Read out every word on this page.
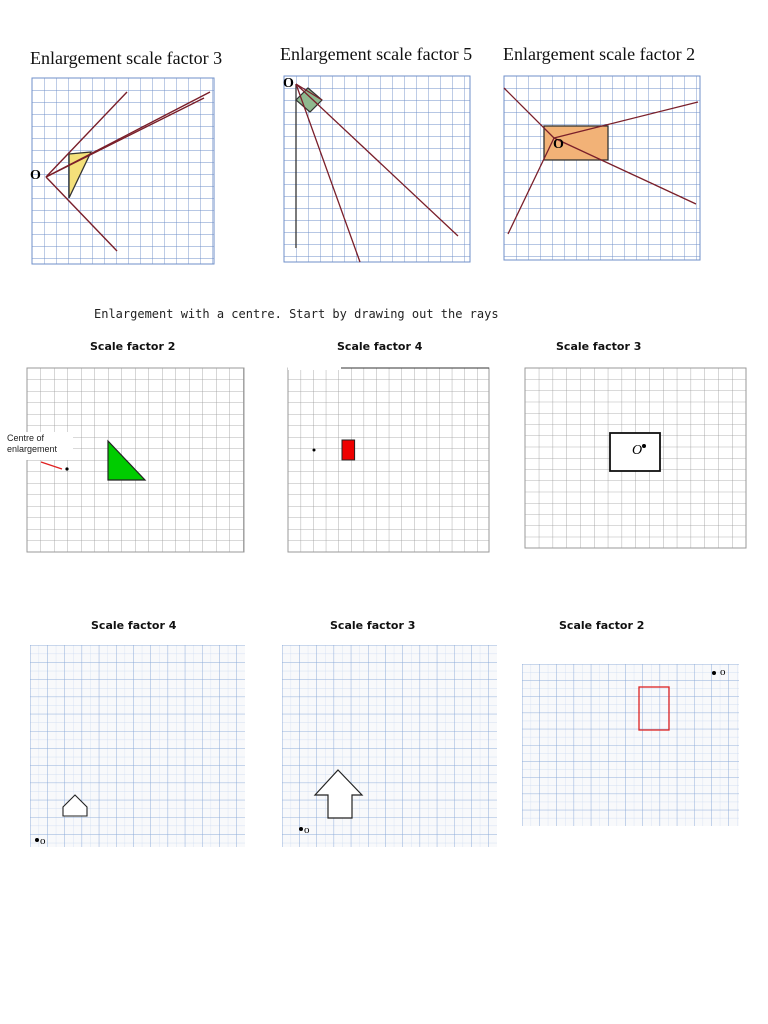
Enlargement scale factor 3	Enlargement scale factor 5 Enlargement scale factor 2
O
O
O
Enlargement with a centre. Start by drawing out the rays
Scale factor 2	Scale factor 4	Scale factor 3
Centre of enlargement	O
Scale factor 4	Scale factor 3	Scale factor 2
o
o
o
